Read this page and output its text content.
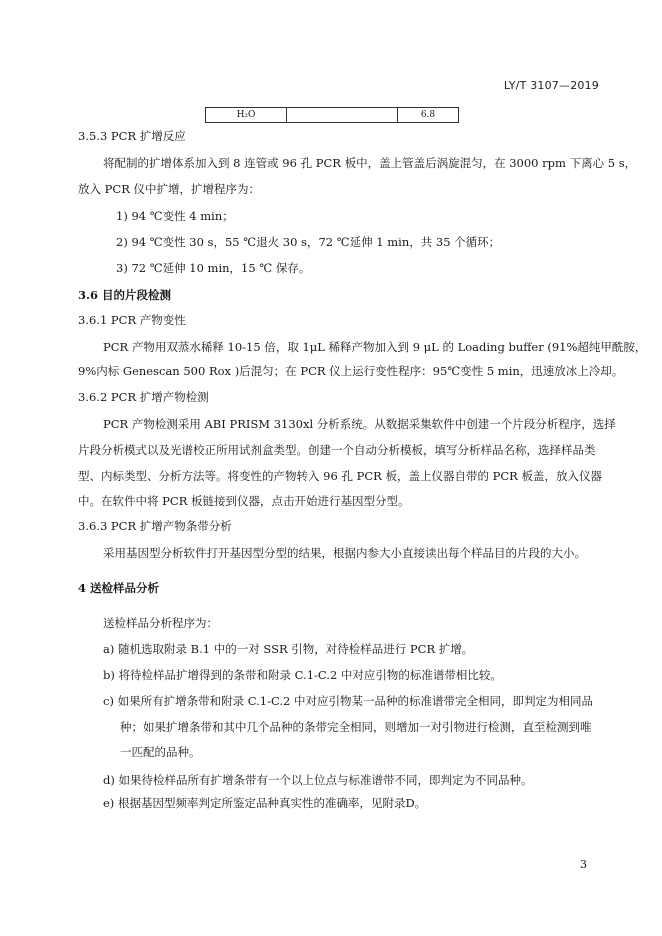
LY/T 3107—2019
H₂O		6.8
3.5.3 PCR 扩增反应
将配制的扩增体系加入到 8 连管或 96 孔 PCR 板中，盖上管盖后涡旋混匀，在 3000 rpm 下离心 5 s，
放入 PCR 仪中扩增，扩增程序为：
1) 94 ℃变性 4 min；
2) 94 ℃变性 30 s，55 ℃退火 30 s，72 ℃延伸 1 min，共 35 个循环；
3) 72 ℃延伸 10 min，15 ℃ 保存。
3.6 目的片段检测
3.6.1 PCR 产物变性
PCR 产物用双蒸水稀释 10-15 倍，取 1μL 稀释产物加入到 9 μL 的 Loading buffer (91%超纯甲酰胺，
9%内标 Genescan 500 Rox )后混匀；在 PCR 仪上运行变性程序：95℃变性 5 min，迅速放冰上冷却。
3.6.2 PCR 扩增产物检测
PCR 产物检测采用 ABI PRISM 3130xl 分析系统。从数据采集软件中创建一个片段分析程序，选择
片段分析模式以及光谱校正所用试剂盒类型。创建一个自动分析模板，填写分析样品名称，选择样品类
型、内标类型、分析方法等。将变性的产物转入 96 孔 PCR 板，盖上仪器自带的 PCR 板盖，放入仪器
中。在软件中将 PCR 板链接到仪器，点击开始进行基因型分型。
3.6.3 PCR 扩增产物条带分析
采用基因型分析软件打开基因型分型的结果，根据内参大小直接读出每个样品目的片段的大小。
4 送检样品分析
送检样品分析程序为：
a) 随机选取附录 B.1 中的一对 SSR 引物，对待检样品进行 PCR 扩增。
b) 将待检样品扩增得到的条带和附录 C.1-C.2 中对应引物的标准谱带相比较。
c) 如果所有扩增条带和附录 C.1-C.2 中对应引物某一品种的标准谱带完全相同，即判定为相同品
种；如果扩增条带和其中几个品种的条带完全相同，则增加一对引物进行检测，直至检测到唯
一匹配的品种。
d) 如果待检样品所有扩增条带有一个以上位点与标准谱带不同，即判定为不同品种。
e) 根据基因型频率判定所鉴定品种真实性的准确率，见附录D。
3
